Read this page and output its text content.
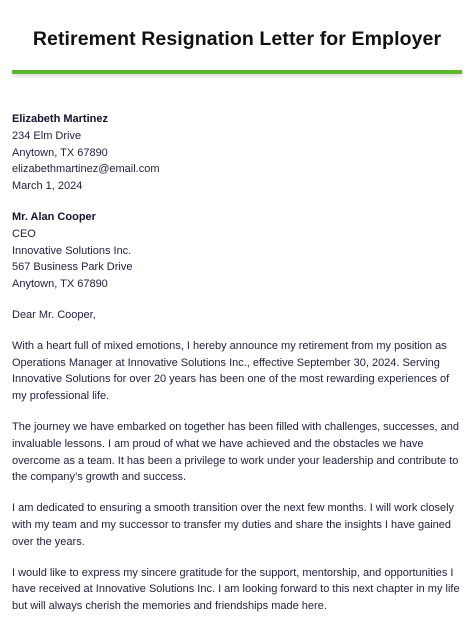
Retirement Resignation Letter for Employer
Elizabeth Martinez
234 Elm Drive
Anytown, TX 67890
elizabethmartinez@email.com
March 1, 2024
Mr. Alan Cooper
CEO
Innovative Solutions Inc.
567 Business Park Drive
Anytown, TX 67890

Dear Mr. Cooper,

With a heart full of mixed emotions, I hereby announce my retirement from my position as Operations Manager at Innovative Solutions Inc., effective September 30, 2024. Serving Innovative Solutions for over 20 years has been one of the most rewarding experiences of my professional life.

The journey we have embarked on together has been filled with challenges, successes, and invaluable lessons. I am proud of what we have achieved and the obstacles we have overcome as a team. It has been a privilege to work under your leadership and contribute to the company’s growth and success.

I am dedicated to ensuring a smooth transition over the next few months. I will work closely with my team and my successor to transfer my duties and share the insights I have gained over the years.

I would like to express my sincere gratitude for the support, mentorship, and opportunities I have received at Innovative Solutions Inc. I am looking forward to this next chapter in my life but will always cherish the memories and friendships made here.
